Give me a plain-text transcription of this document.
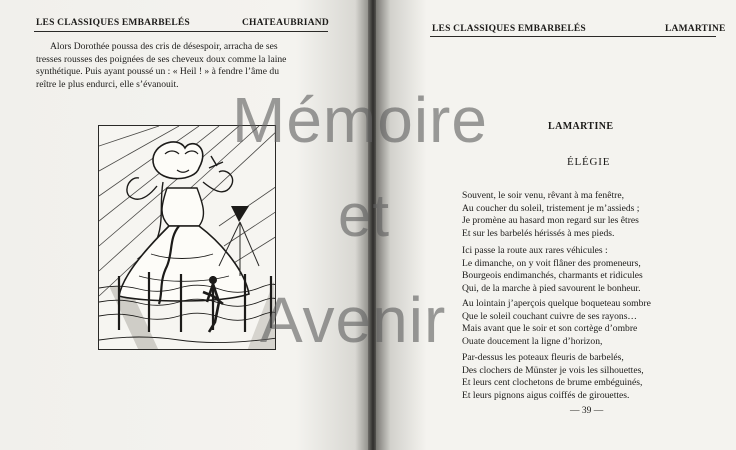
LES CLASSIQUES EMBARBELÉS	CHATEAUBRIAND
Alors Dorothée poussa des cris de désespoir, arracha de ses
tresses rousses des poignées de ses cheveux doux comme la laine
synthétique. Puis ayant poussé un : « Heil ! » à fendre l’âme du
reître le plus endurci, elle s’évanouit.
LES CLASSIQUES EMBARBELÉS	LAMARTINE
LAMARTINE
ÉLÉGIE
Souvent, le soir venu, rêvant à ma fenêtre,
Au coucher du soleil, tristement je m’assieds ;
Je promène au hasard mon regard sur les êtres
Et sur les barbelés hérissés à mes pieds.
Ici passe la route aux rares véhicules :
Le dimanche, on y voit flâner des promeneurs,
Bourgeois endimanchés, charmants et ridicules
Qui, de la marche à pied savourent le bonheur.
Au lointain j’aperçois quelque boqueteau sombre
Que le soleil couchant cuivre de ses rayons…
Mais avant que le soir et son cortège d’ombre
Ouate doucement la ligne d’horizon,
Par-dessus les poteaux fleuris de barbelés,
Des clochers de Münster je vois les silhouettes,
Et leurs cent clochetons de brume embéguinés,
Et leurs pignons aigus coiffés de girouettes.
— 39 —
Mémoire
et
Avenir
